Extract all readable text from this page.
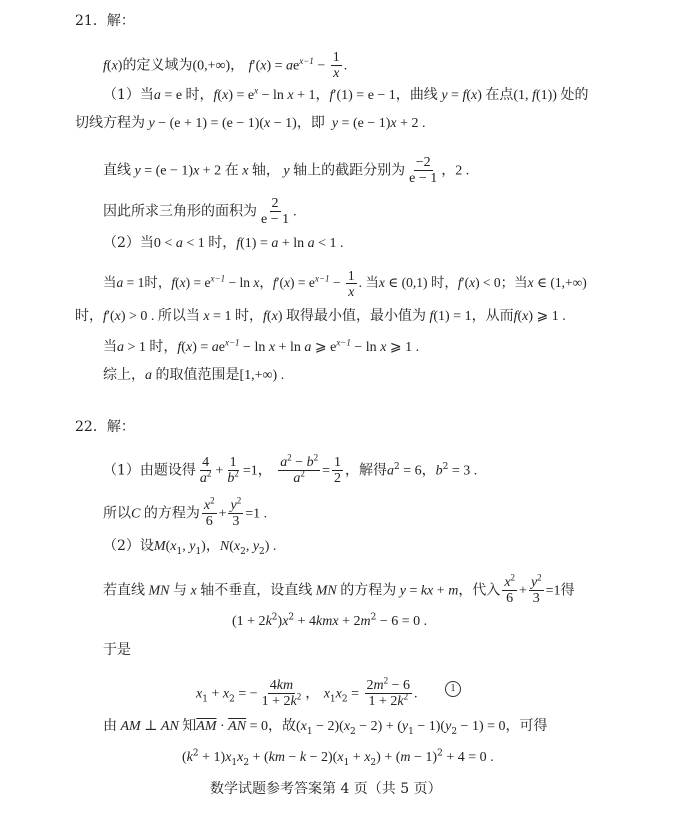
21．解：
f(x)的定义域为(0,+∞)， $f'(x) = ae^{x-1} - \frac{1}{x}$ .
（1）当a = e 时，$f(x) = e^x - \ln x + 1$，f′(1) = e − 1，曲线 y = f(x) 在点(1, f(1)) 处的
切线方程为 y − (e + 1) = (e − 1)(x − 1)，即  y = (e − 1)x + 2 .
直线 y = (e − 1)x + 2 在 x 轴， y 轴上的截距分别为 $\frac{-2}{e - 1}$ ，2 .
因此所求三角形的面积为 $\frac{2}{e - 1}$ .
（2）当0 < a < 1 时，f(1) = a + ln a < 1 .
当a = 1时，$f(x) = e^{x-1} - \ln x$，$f'(x) = e^{x-1} - \frac{1}{x}$ . 当x ∈ (0,1) 时，f′(x) < 0；当x ∈ (1,+∞)
时，f′(x) > 0 . 所以当 x = 1 时，f(x) 取得最小值，最小值为 f(1) = 1，从而f(x) ⩾ 1 .
当a > 1 时，$f(x) = ae^{x-1} - \ln x + \ln a$ ⩾ $e^{x-1} - \ln x$ ⩾ 1 .
综上，a 的取值范围是[1,+∞) .
22．解：
（1）由题设得 $\frac{4}{a^2} + \frac{1}{b^2} =1$， $\frac{a^2 - b^2}{a^2} = \frac{1}{2}$ ，解得$a^2 = 6$，$b^2 = 3$ .
所以C 的方程为 $\frac{x^2}{6} + \frac{y^2}{3} =1$ .
（2）设$M(x_1$, $y_1$)，$N(x_2$, $y_2$) .
若直线 MN 与 x 轴不垂直，设直线 MN 的方程为 y = kx + m，代入 $\frac{x^2}{6} + \frac{y^2}{3} =1$得
$(1 + 2k^2)x^2 + 4kmx + 2m^2 - 6 = 0$ .
于是
$x_1 + x_2$ = − $\frac{4km}{1 + 2k^2}$ ， $x_1x_2 = \frac{2m^2 - 6}{1 + 2k^2}$ .	1
由 AM ⊥ AN 知$\overline{AM} \cdot \overline{AN} = 0$，故$(x_1 - 2)(x_2 - 2) + (y_1 - 1)(y_2 - 1) = 0$，可得
$(k^2 + 1)x_1x_2 + (km - k - 2)(x_1 + x_2) + (m - 1)^2 + 4 = 0$ .
数学试题参考答案第 4 页（共 5 页）
